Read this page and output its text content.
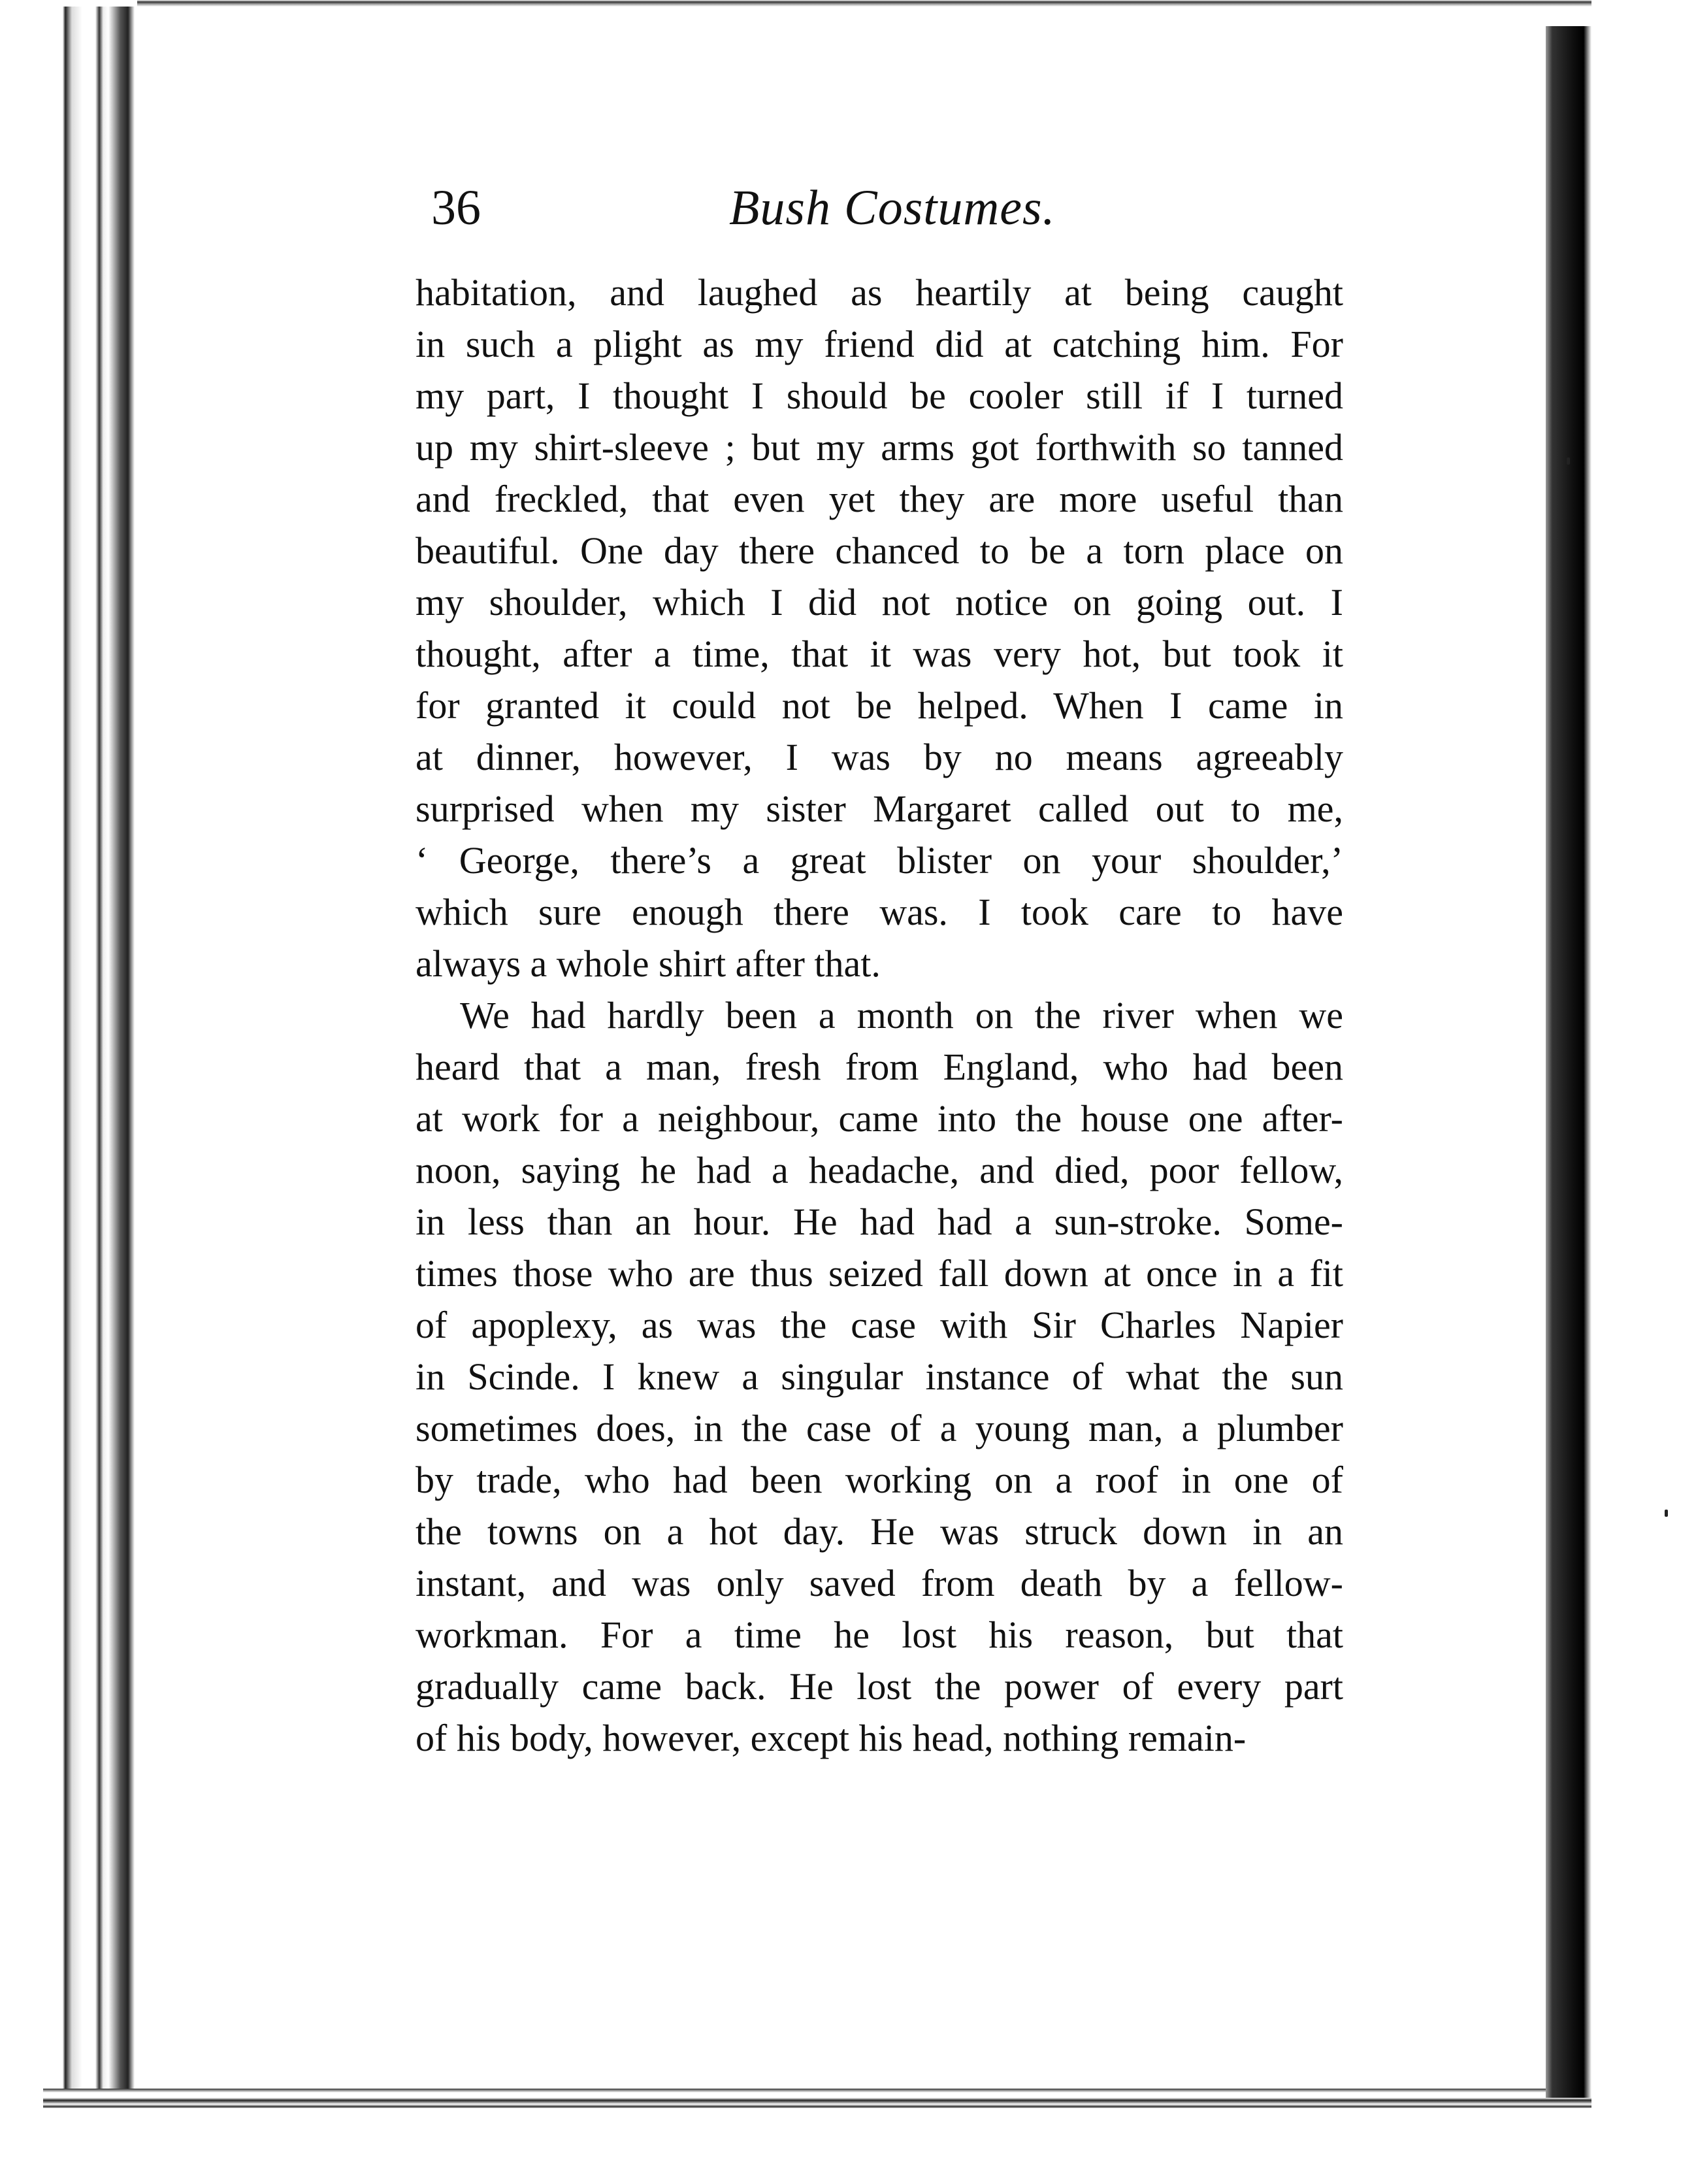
36	Bush Costumes.
habitation, and laughed as heartily at being caught
in such a plight as my friend did at catching him. For
my part, I thought I should be cooler still if I turned
up my shirt-sleeve ; but my arms got forthwith so tanned
and freckled, that even yet they are more useful than
beautiful. One day there chanced to be a torn place on
my shoulder, which I did not notice on going out. I
thought, after a time, that it was very hot, but took it
for granted it could not be helped. When I came in
at dinner, however, I was by no means agreeably
surprised when my sister Margaret called out to me,
‘ George, there’s a great blister on your shoulder,’
which sure enough there was. I took care to have
always a whole shirt after that.
We had hardly been a month on the river when we
heard that a man, fresh from England, who had been
at work for a neighbour, came into the house one after-
noon, saying he had a headache, and died, poor fellow,
in less than an hour. He had had a sun-stroke. Some-
times those who are thus seized fall down at once in a fit
of apoplexy, as was the case with Sir Charles Napier
in Scinde. I knew a singular instance of what the sun
sometimes does, in the case of a young man, a plumber
by trade, who had been working on a roof in one of
the towns on a hot day. He was struck down in an
instant, and was only saved from death by a fellow-
workman. For a time he lost his reason, but that
gradually came back. He lost the power of every part
of his body, however, except his head, nothing remain-
